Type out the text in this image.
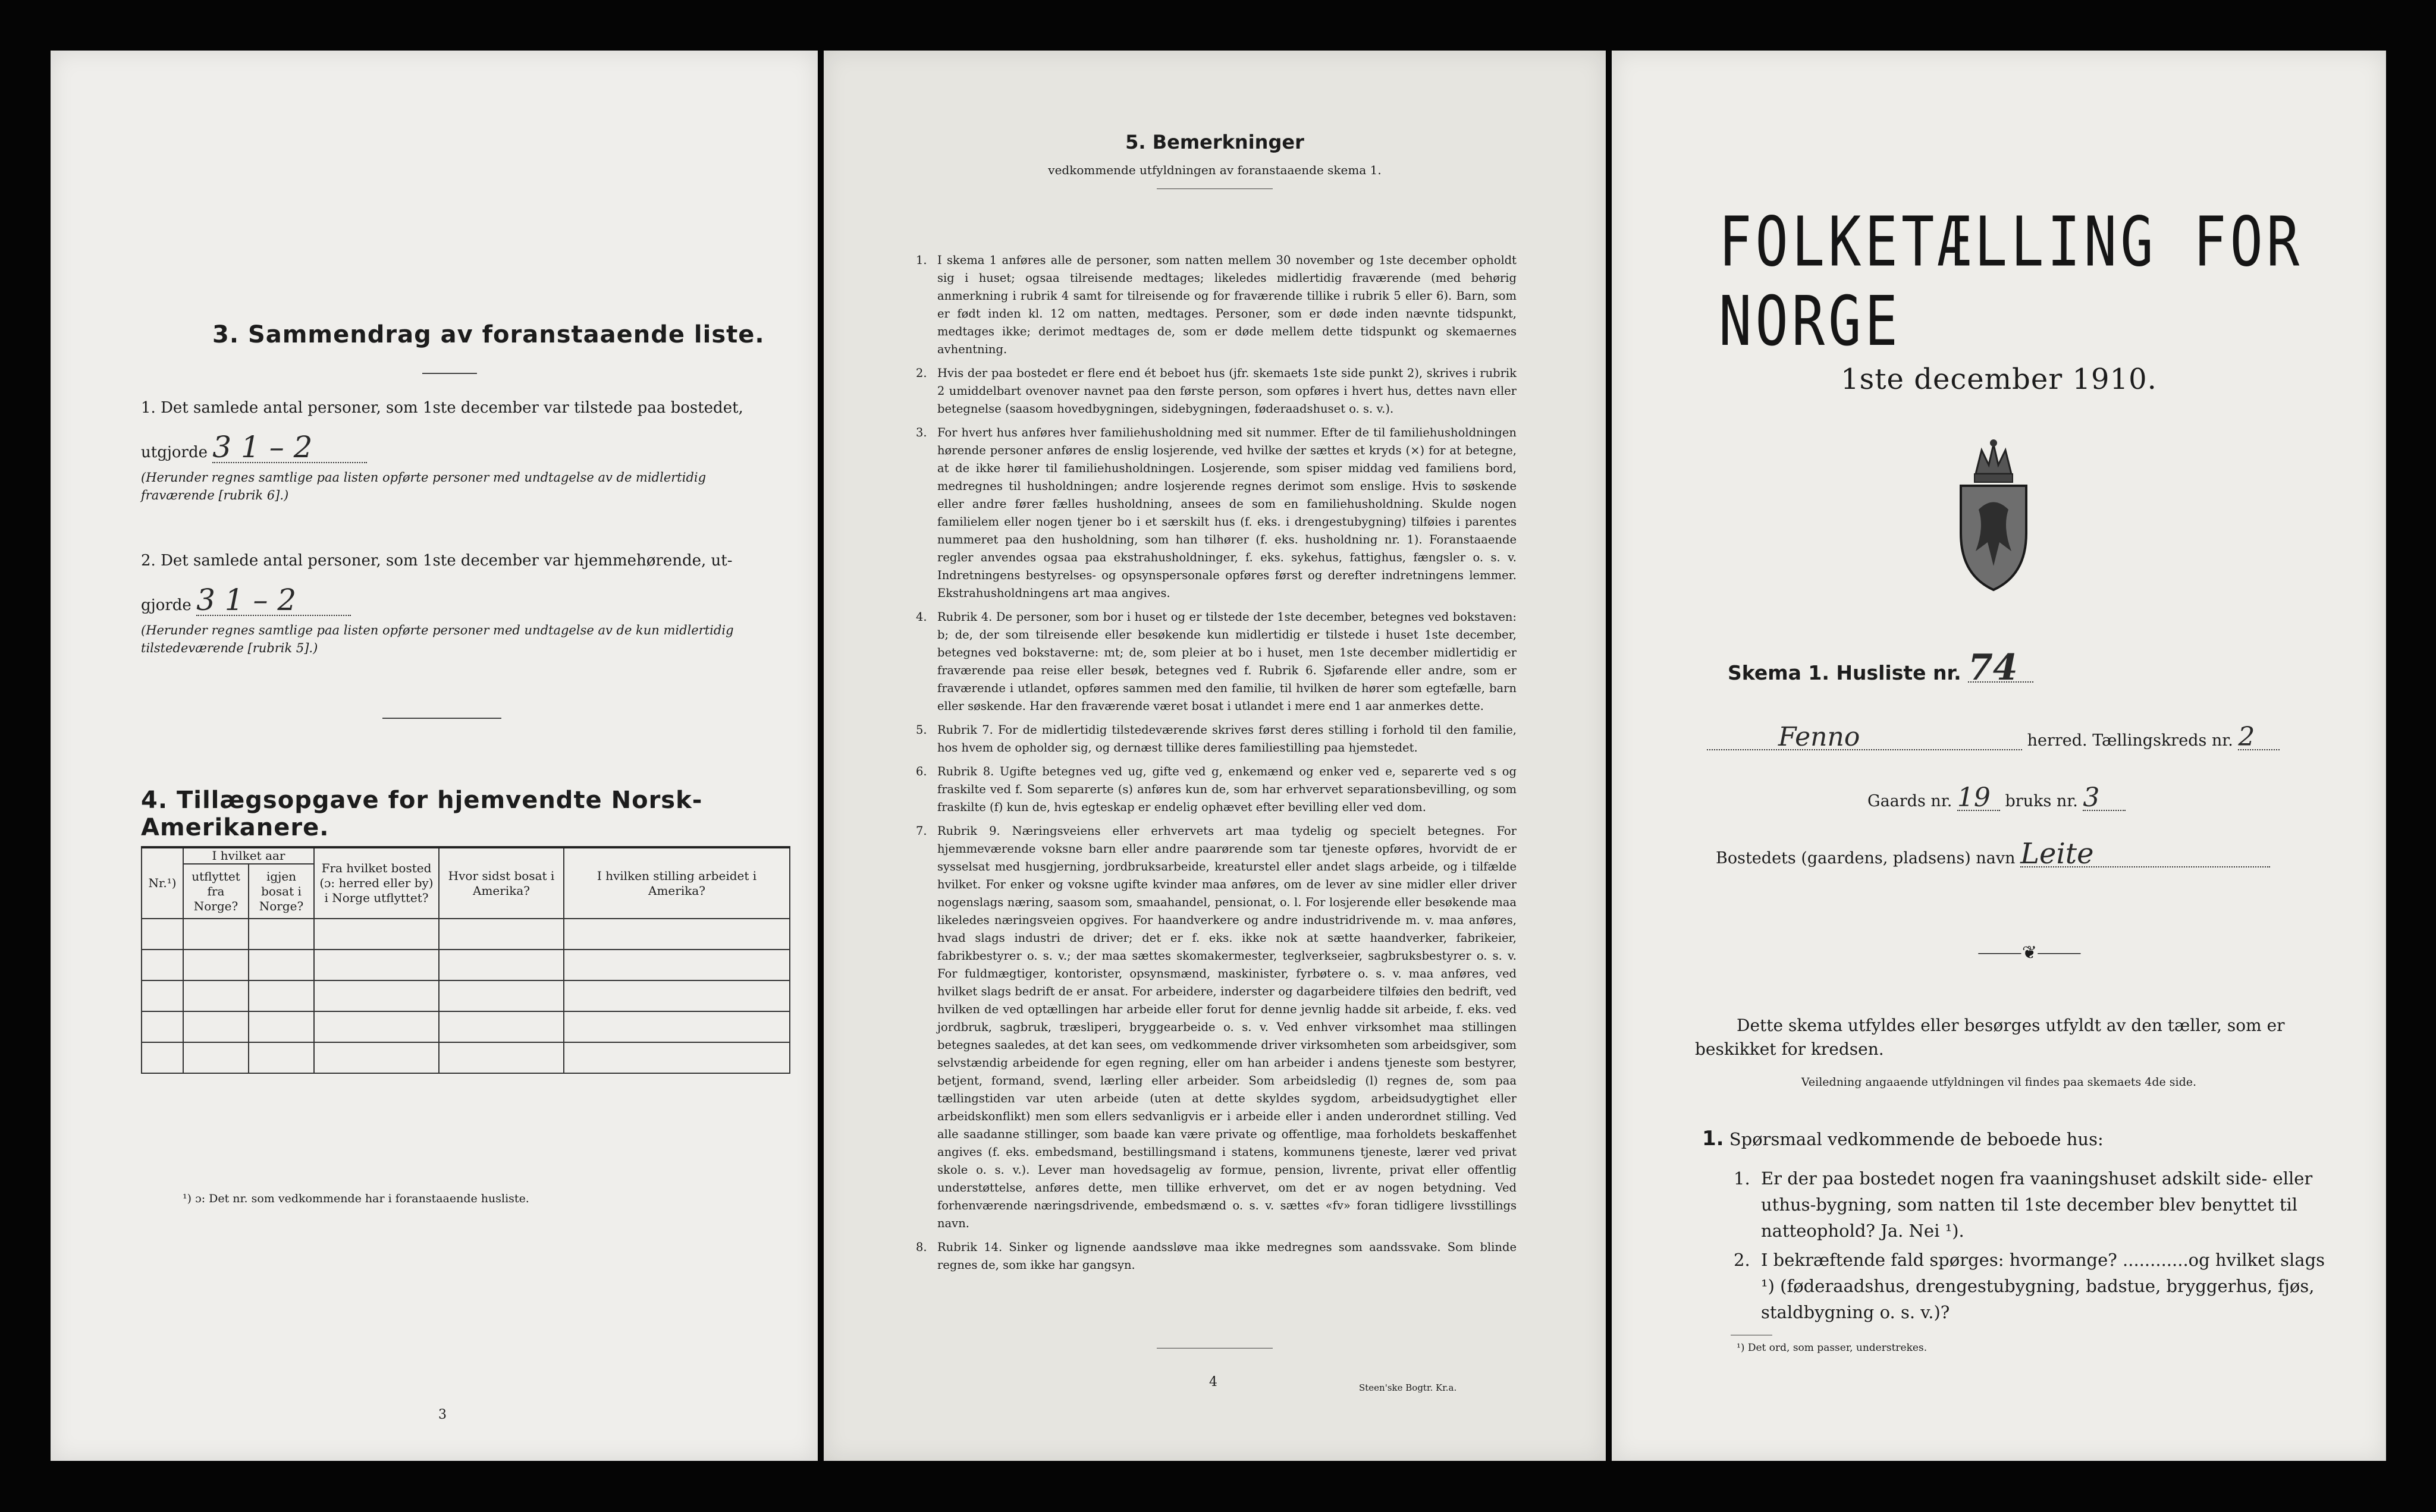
3. Sammendrag av foranstaaende liste.
1. Det samlede antal personer, som 1ste december var tilstede paa bostedet,
utgjorde 3 1 – 2
(Herunder regnes samtlige paa listen opførte personer med undtagelse av de midlertidig fraværende [rubrik 6].)
2. Det samlede antal personer, som 1ste december var hjemmehørende, ut-
gjorde 3 1 – 2
(Herunder regnes samtlige paa listen opførte personer med undtagelse av de kun midlertidig tilstedeværende [rubrik 5].)
4. Tillægsopgave for hjemvendte Norsk-Amerikanere.
Nr.¹)	I hvilket aar		Fra hvilket bosted (ɔ: herred eller by) i Norge utflyttet?	Hvor sidst bosat i Amerika?	I hvilken stilling arbeidet i Amerika?
	utflyttet fra Norge?	igjen bosat i Norge?			

¹) ɔ: Det nr. som vedkommende har i foranstaaende husliste.
3
5. Bemerkninger
vedkommende utfyldningen av foranstaaende skema 1.
1. I skema 1 anføres alle de personer, som natten mellem 30 november og 1ste december opholdt sig i huset; ogsaa tilreisende medtages; likeledes midlertidig fraværende (med behørig anmerkning i rubrik 4 samt for tilreisende og for fraværende tillike i rubrik 5 eller 6). Barn, som er født inden kl. 12 om natten, medtages. Personer, som er døde inden nævnte tidspunkt, medtages ikke; derimot medtages de, som er døde mellem dette tidspunkt og skemaernes avhentning.
2. Hvis der paa bostedet er flere end ét beboet hus (jfr. skemaets 1ste side punkt 2), skrives i rubrik 2 umiddelbart ovenover navnet paa den første person, som opføres i hvert hus, dettes navn eller betegnelse (saasom hovedbygningen, sidebygningen, føderaadshuset o. s. v.).
3. For hvert hus anføres hver familiehusholdning med sit nummer. Efter de til familiehusholdningen hørende personer anføres de enslig losjerende, ved hvilke der sættes et kryds (×) for at betegne, at de ikke hører til familiehusholdningen. Losjerende, som spiser middag ved familiens bord, medregnes til husholdningen; andre losjerende regnes derimot som enslige. Hvis to søskende eller andre fører fælles husholdning, ansees de som en familiehusholdning. Skulde nogen familielem eller nogen tjener bo i et særskilt hus (f. eks. i drengestubygning) tilføies i parentes nummeret paa den husholdning, som han tilhører (f. eks. husholdning nr. 1). Foranstaaende regler anvendes ogsaa paa ekstrahusholdninger, f. eks. sykehus, fattighus, fængsler o. s. v. Indretningens bestyrelses- og opsynspersonale opføres først og derefter indretningens lemmer. Ekstrahusholdningens art maa angives.
4. Rubrik 4. De personer, som bor i huset og er tilstede der 1ste december, betegnes ved bokstaven: b; de, der som tilreisende eller besøkende kun midlertidig er tilstede i huset 1ste december, betegnes ved bokstaverne: mt; de, som pleier at bo i huset, men 1ste december midlertidig er fraværende paa reise eller besøk, betegnes ved f. Rubrik 6. Sjøfarende eller andre, som er fraværende i utlandet, opføres sammen med den familie, til hvilken de hører som egtefælle, barn eller søskende. Har den fraværende været bosat i utlandet i mere end 1 aar anmerkes dette.
5. Rubrik 7. For de midlertidig tilstedeværende skrives først deres stilling i forhold til den familie, hos hvem de opholder sig, og dernæst tillike deres familiestilling paa hjemstedet.
6. Rubrik 8. Ugifte betegnes ved ug, gifte ved g, enkemænd og enker ved e, separerte ved s og fraskilte ved f. Som separerte (s) anføres kun de, som har erhvervet separationsbevilling, og som fraskilte (f) kun de, hvis egteskap er endelig ophævet efter bevilling eller ved dom.
7. Rubrik 9. Næringsveiens eller erhvervets art maa tydelig og specielt betegnes. For hjemmeværende voksne barn eller andre paarørende som tar tjeneste opføres, hvorvidt de er sysselsat med husgjerning, jordbruksarbeide, kreaturstel eller andet slags arbeide, og i tilfælde hvilket. For enker og voksne ugifte kvinder maa anføres, om de lever av sine midler eller driver nogenslags næring, saasom som, smaahandel, pensionat, o. l. For losjerende eller besøkende maa likeledes næringsveien opgives. For haandverkere og andre industridrivende m. v. maa anføres, hvad slags industri de driver; det er f. eks. ikke nok at sætte haandverker, fabrikeier, fabrikbestyrer o. s. v.; der maa sættes skomakermester, teglverkseier, sagbruksbestyrer o. s. v. For fuldmægtiger, kontorister, opsynsmænd, maskinister, fyrbøtere o. s. v. maa anføres, ved hvilket slags bedrift de er ansat. For arbeidere, inderster og dagarbeidere tilføies den bedrift, ved hvilken de ved optællingen har arbeide eller forut for denne jevnlig hadde sit arbeide, f. eks. ved jordbruk, sagbruk, træsliperi, bryggearbeide o. s. v. Ved enhver virksomhet maa stillingen betegnes saaledes, at det kan sees, om vedkommende driver virksomheten som arbeidsgiver, som selvstændig arbeidende for egen regning, eller om han arbeider i andens tjeneste som bestyrer, betjent, formand, svend, lærling eller arbeider. Som arbeidsledig (l) regnes de, som paa tællingstiden var uten arbeide (uten at dette skyldes sygdom, arbeidsudygtighet eller arbeidskonflikt) men som ellers sedvanligvis er i arbeide eller i anden underordnet stilling. Ved alle saadanne stillinger, som baade kan være private og offentlige, maa forholdets beskaffenhet angives (f. eks. embedsmand, bestillingsmand i statens, kommunens tjeneste, lærer ved privat skole o. s. v.). Lever man hovedsagelig av formue, pension, livrente, privat eller offentlig understøttelse, anføres dette, men tillike erhvervet, om det er av nogen betydning. Ved forhenværende næringsdrivende, embedsmænd o. s. v. sættes «fv» foran tidligere livsstillings navn.
8. Rubrik 14. Sinker og lignende aandssløve maa ikke medregnes som aandssvake. Som blinde regnes de, som ikke har gangsyn.
4	Steen'ske Bogtr. Kr.a.
FOLKETÆLLING FOR NORGE
1ste december 1910.
Skema 1. Husliste nr. 74
Fenno	herred. Tællingskreds nr. 2
Gaards nr. 19 bruks nr. 3
Bostedets (gaardens, pladsens) navn Leite
⸻❦⸻
Dette skema utfyldes eller besørges utfyldt av den tæller, som er beskikket for kredsen.
Veiledning angaaende utfyldningen vil findes paa skemaets 4de side.
1. Spørsmaal vedkommende de beboede hus:
1. Er der paa bostedet nogen fra vaaningshuset adskilt side- eller uthus-bygning, som natten til 1ste december blev benyttet til natteophold? Ja. Nei ¹).
2. I bekræftende fald spørges: hvormange? ............og hvilket slags ¹) (føderaadshus, drengestubygning, badstue, bryggerhus, fjøs, staldbygning o. s. v.)?
¹) Det ord, som passer, understrekes.
